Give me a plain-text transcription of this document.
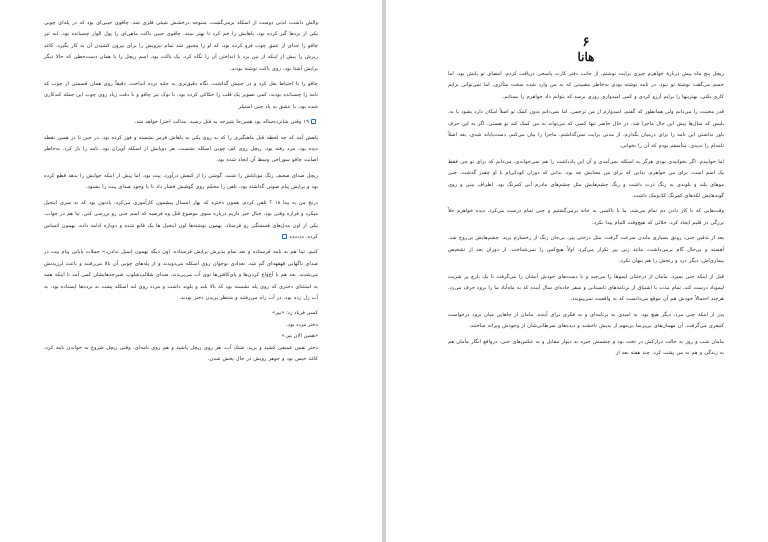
والش داشت، لذتی دوست از اسکله برمی‌گشت، منتوجه درخشش شیئی فلزی شد. چاقوی جیبی‌ای بود که در پله‌ای چوبی یکی از بردها گیر کرده بود. پاهایش را خم کرد تا بهتر ببیند. چاقوی جیبی باکت ماهی‌ای را پول الوار چسبانده بود. لبه تیز چاقو را جدای از عمق چوب فرو کرده بود، که او را مجبور شد تمام نیرویش را برای بیرون کشیدن آن به کار بگیرد. کاغذ زیرش را بیش از اینکه از بین برد با انداختن آن را نگاه کرد. یک باکت بود. اسم ریچل را با همان دست‌خطی که حالا دیگر برایش آشنا بود، روی باکت نوشته بودند.

چاقو را با احتیاط بغل کرد و در جیبش گذاشت. نگاه دقیق‌تری به جلبه نرده انداخت. دقیقاً روی همان قسمتی از چوب که نامه را چسبانده بودند، کمی تصویر یک قلب را حکاکی کرده بود. با نوک تیز چاقو و با دقت زیاد روی چوب این جمله کندکاری شده بود. با عشق به یاد جنی استپلر

۱۹ وقتی شانزده‌ساله بود همین‌جا شیرجه به قتل رسید. مدالت احترا خواهد شد.

پاهش آمد که چه لحظه قبل ماهیگیری را که به روی یکی به پاهاش فرمز نشسته و فوز کرده بود. در جین تا در همین نقطه دیده بود. مرد رفته بود. ریچل روی کف چوبی اسکله نشست. هر دوپایش از اسکله آویزان بود. نامه را باز کرد. به‌خاطر اصابت چاقو سوراخی وسط آن ایجاد شده بود.

ریچل صدای ضعیف زنگ موبایلش را شنید. گوشی را از کیفش درآورد. پیت بود. اما پیش از اینکه جوابش را بدهد قطع کرده بود و برایش پیام صوتی گذاشته بود. تلفن را محکم روی گوشش فشار داد تا با وجود صدای پیت را بشنود.

درتخ من به پینا ۱۸ ؟ تلفن کردم. همون دختره که بهار امسال پیشمون کارآموزی می‌کرد، یادتون بود که به سری اینجیل میکرد و قراره وقتی بود. جبال خبر داریم درباره سوی موضوع قتل وه فرضیه که اسم جنی رو بررسی کنی. تیا هم در جواب، یکی از اون مدل‌های قسمتگی رو فرستاد. بهمون نوشته‌ها اون اینجیل ‌ها یک قانع شده و دوباره ادامه داده. بهمون اتساس کرده. ددت‌ده‌

کنیم. تینا هم به نامه فرستاده و بعد تمام پذیرش برایش فرستاده. اون دیگه بهمون ایمیل ندادن،» جملات پایانی پیام پیت در صدای ناگهانی قهقهه‌ای گم شد. تعدادی نوجوان روی اسکله می‌دویدند و از پله‌های چوبی آن بالا می‌رفتند و باعث لرزیدنش می‌شدند. بعد هم با آخ‌واخ کردن‌ها و پای‌کافتن‌ها توی آب می‌پریدند. صدای شلالپ‌شلوپ شیرجه‌هایشان کمی آمد تا اینکه همه به استثنای دختری که روی پله نشسته بود که بالا بلند و بلوند داشت و مردد روی لبه اسکله پشت به نرده‌ها ایستاده بود. به آب زل زده بود. در آب راه می‌رفتند و منتظر پریدن دختر بودند.

کسی فریاد زد: «بپر»

دختر مردد بود.

«همین الان بپر.»

دختر نفس عمیقی کشید و پرید. شتک آب، هر روی ریچل پاشید و هم روی نامه‌ای. وقتی ریچل شروع به خواندن نامه کرد، کاغذ خیس بود و جوهر رویش در حال پخش شدن.

۶

هانا

ریچل پنج ماه پیش دربارهٔ خواهرم چیزی برایت نوشتم. از جانب دفتر کارت پاسخی دریافت کردم. امضای تو پایش بود. اما حسم می‌گفت نوشتهٔ تو نبود. در نامه نوشته بودی به‌خاطر مصیبتی که به من وارد شده سخت متأثری. اما نمی‌توانی برایم کاری بکنی. بهترینها را برایم آرزو کردی و کمی امیدواری روزی برسد که بتوانم داد خواهرم را بستانم.

قدر محبتت را می‌دانم ولی همانطور که گفتم، امیدوارم از من ترجمی. اما نمی‌دانم بدون کمک تو اصلاً امکان دارد بشود یا نه. بلیس که سال‌ها پیش این حال ماجرا شد. در حال حاضر تنها کسی که می‌تواند به من کمک کند تو هستی. اگر به این حرف باور نداشتی این نامه را برای درمیان بگذارم. از مدتی برایت تمی‌گذاشتم. ماجرا را بیان می‌کنم. دست‌یابانه شدی. بعد اصلاً نامه‌ام را ندیدی. متأسفم بودم که آن را بخوانی.

اما خوابیدم. اگر بخوانیدی بودی هرگز به اسکله نمی‌آمدی و آن این یادداشت را هم نمی‌خواندی. می‌دانم که برای تو چی فقط یک اسم است. برای من خواهرم. بدانی که برای من معنایش چه بود. بدانی که دوران کودکی‌ام با او چقدر گذشت. جنی موهای بلند و بلوندی به رنگ ذرت داشت و رنگ چشم‌هایش مثل چشم‌های مادرم آبی کمرنگ بود. اطراف بینی و روی گونه‌هایش لکه‌های کمرنگ کک‌ومک داشت.

وقت‌هایی که با کار دادن دم تمام می‌شد، ما با تاکسی به خانه برمی‌گشتیم و جنی تمام درست می‌کرد. دیده خواهرم خلاً برزگی در قلبم ایجاد کرد. خلائی که هیچ‌وقت التیام پیدا نکرد.

بعد از تدفین جنی، رونق بسیاری ماندن سرعت گرفت. مثل درختی پیر، بی‌جان رنگ از رخسارم پرید. چشم‌هایش بی‌روح شد. آهسته و بی‌حال گام برمی‌داشت. مانند زنی پیر تکرار می‌کرد. اولاً هیچ‌کس را نمی‌شناخت. از دوران بعد از تشخیص بیماری‌اش، دیگر درد و رنجش را هم پنهان نکرد.

قبل از اینکه جنی بمیرد، مامان از درختتان لیموها را می‌چید و با دست‌های خودش آبشان را می‌گرفت تا یک بارچ پر شربت لیموناد درست کند. تمام مدت با اشتیاق از برنامه‌های تابستانی و سفر جاده‌ای سال آینده که به ماه‌آباد ما را برود حرف می‌زد. هرچند احتمالاً خودش هم آن موقع می‌دانست که به واقعیت نمی‌پیوندد.

پدر از اینکه جنی مرد، دیگر هیچ بود. به امیدی به برنامه‌ای و به فکری برای آینده. مامان از جاهایی میان برود درخواست کتیفری می‌گرفت. آن مهمان‌های بی‌پرسا بی‌مهم از بدیش ناخشند و دیده‌های سرطانی‌شان از وجودش وبرانه ساختند.

مامان شب و روز به حالت درازکش در تخت بود و چشمش خیره به دیوار مقابل و به عکس‌های جنی. درواقع انگار مامان هم به زندگی و هم به من پشت کرد. چند هفته بعد از
